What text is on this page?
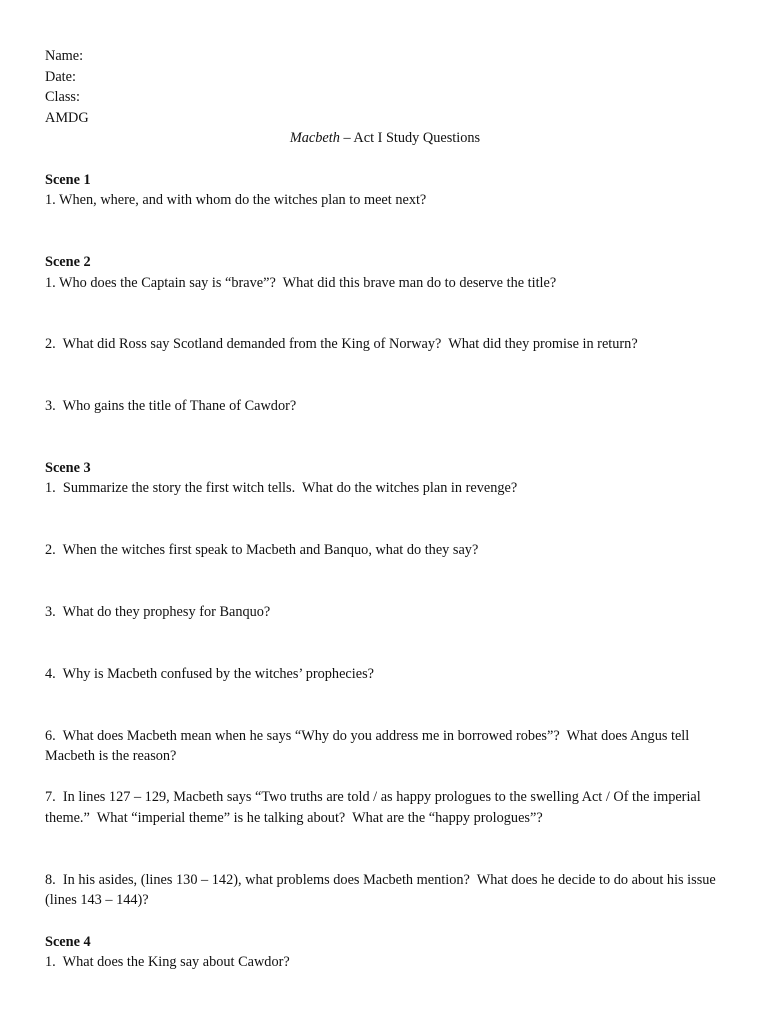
Name:
Date:
Class:
AMDG
Macbeth – Act I Study Questions
Scene 1
1. When, where, and with whom do the witches plan to meet next?
Scene 2
1. Who does the Captain say is “brave”?  What did this brave man do to deserve the title?
2.  What did Ross say Scotland demanded from the King of Norway?  What did they promise in return?
3.  Who gains the title of Thane of Cawdor?
Scene 3
1.  Summarize the story the first witch tells.  What do the witches plan in revenge?
2.  When the witches first speak to Macbeth and Banquo, what do they say?
3.  What do they prophesy for Banquo?
4.  Why is Macbeth confused by the witches’ prophecies?
6.  What does Macbeth mean when he says “Why do you address me in borrowed robes”?  What does Angus tell Macbeth is the reason?
7.  In lines 127 – 129, Macbeth says “Two truths are told / as happy prologues to the swelling Act / Of the imperial theme.”  What “imperial theme” is he talking about?  What are the “happy prologues”?
8.  In his asides, (lines 130 – 142), what problems does Macbeth mention?  What does he decide to do about his issue (lines 143 – 144)?
Scene 4
1.  What does the King say about Cawdor?
